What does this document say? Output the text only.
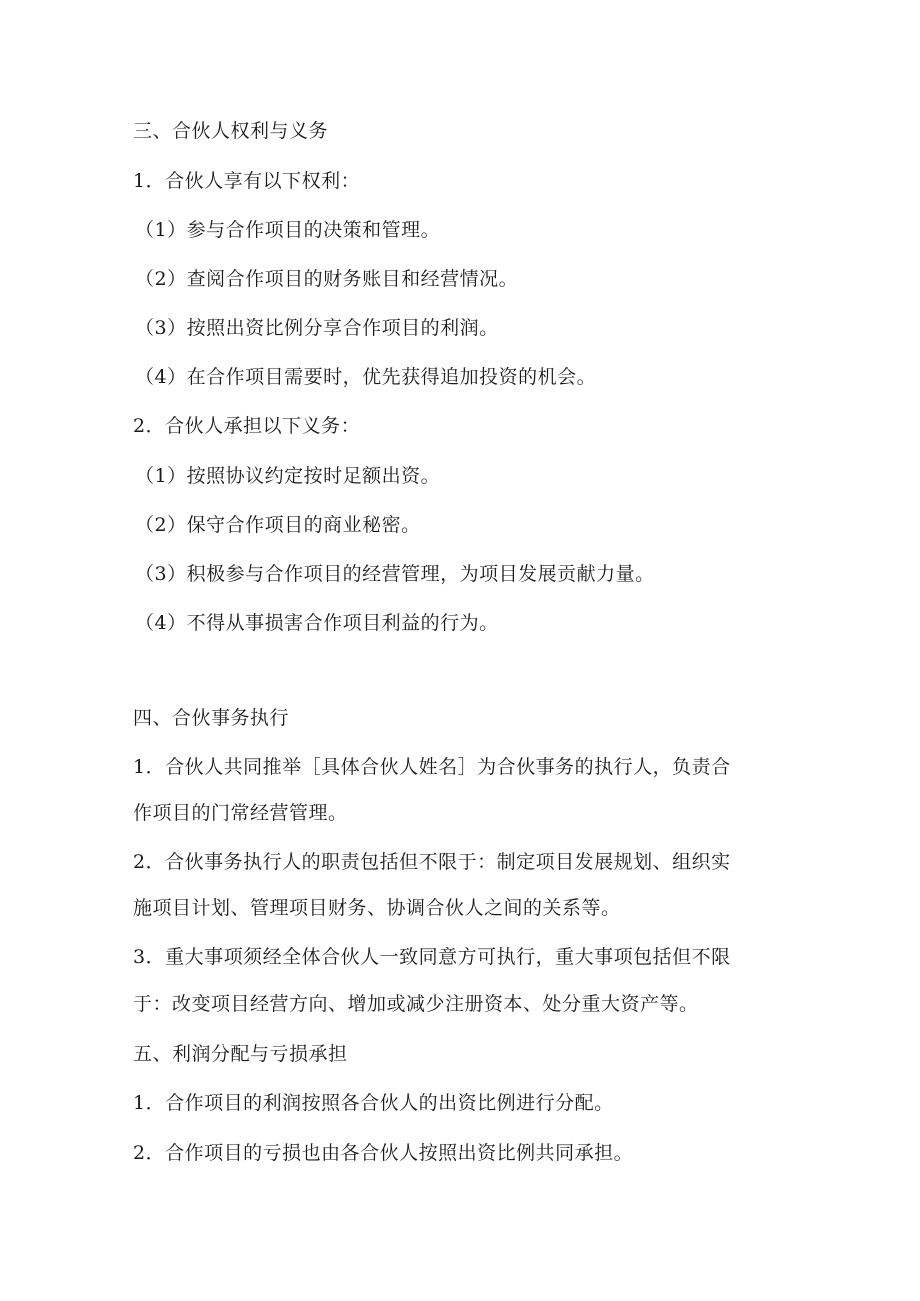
三、合伙人权利与义务
1．合伙人享有以下权利：
（1）参与合作项目的决策和管理。
（2）查阅合作项目的财务账目和经营情况。
（3）按照出资比例分享合作项目的利润。
（4）在合作项目需要时，优先获得追加投资的机会。
2．合伙人承担以下义务：
（1）按照协议约定按时足额出资。
（2）保守合作项目的商业秘密。
（3）积极参与合作项目的经营管理，为项目发展贡献力量。
（4）不得从事损害合作项目利益的行为。
四、合伙事务执行
1．合伙人共同推举［具体合伙人姓名］为合伙事务的执行人，负责合
作项目的门常经营管理。
2．合伙事务执行人的职责包括但不限于：制定项目发展规划、组织实
施项目计划、管理项目财务、协调合伙人之间的关系等。
3．重大事项须经全体合伙人一致同意方可执行，重大事项包括但不限
于：改变项目经营方向、增加或减少注册资本、处分重大资产等。
五、利润分配与亏损承担
1．合作项目的利润按照各合伙人的出资比例进行分配。
2．合作项目的亏损也由各合伙人按照出资比例共同承担。
